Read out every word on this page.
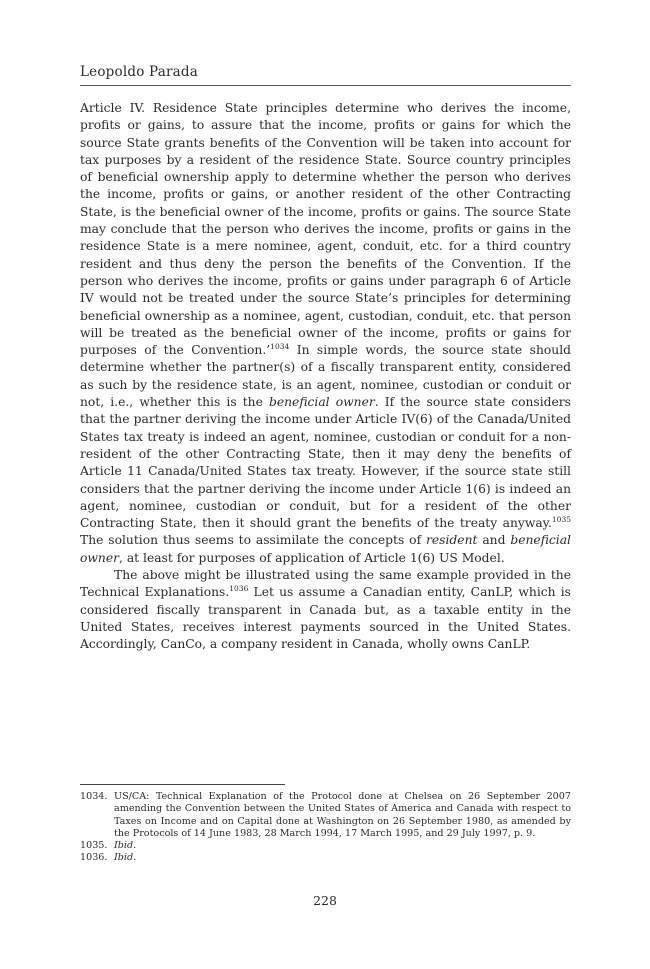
Leopoldo Parada

Article IV. Residence State principles determine who derives the income, profits or gains, to assure that the income, profits or gains for which the source State grants benefits of the Convention will be taken into account for tax purposes by a resident of the residence State. Source country principles of beneficial ownership apply to determine whether the person who derives the income, profits or gains, or another resident of the other Contracting State, is the beneficial owner of the income, profits or gains. The source State may conclude that the person who derives the income, profits or gains in the residence State is a mere nominee, agent, conduit, etc. for a third country resident and thus deny the person the benefits of the Convention. If the person who derives the income, profits or gains under paragraph 6 of Article IV would not be treated under the source State’s principles for determining beneficial ownership as a nominee, agent, custodian, conduit, etc. that person will be treated as the beneficial owner of the income, profits or gains for purposes of the Convention.’$^{1034}$ In simple words, the source state should determine whether the partner(s) of a fiscally transparent entity, considered as such by the residence state, is an agent, nominee, custodian or conduit or not, i.e., whether this is the beneficial owner. If the source state considers that the partner deriving the income under Article IV(6) of the Canada/United States tax treaty is indeed an agent, nominee, custodian or conduit for a non-resident of the other Contracting State, then it may deny the benefits of Article 11 Canada/United States tax treaty. However, if the source state still considers that the partner deriving the income under Article 1(6) is indeed an agent, nominee, custodian or conduit, but for a resident of the other Contracting State, then it should grant the benefits of the treaty anyway.$^{1035}$ The solution thus seems to assimilate the concepts of resident and beneficial owner, at least for purposes of application of Article 1(6) US Model.

The above might be illustrated using the same example provided in the Technical Explanations.$^{1036}$ Let us assume a Canadian entity, CanLP, which is considered fiscally transparent in Canada but, as a taxable entity in the United States, receives interest payments sourced in the United States. Accordingly, CanCo, a company resident in Canada, wholly owns CanLP.

1034. US/CA: Technical Explanation of the Protocol done at Chelsea on 26 September 2007 amending the Convention between the United States of America and Canada with respect to Taxes on Income and on Capital done at Washington on 26 September 1980, as amended by the Protocols of 14 June 1983, 28 March 1994, 17 March 1995, and 29 July 1997, p. 9.
1035. Ibid.
1036. Ibid.
228
